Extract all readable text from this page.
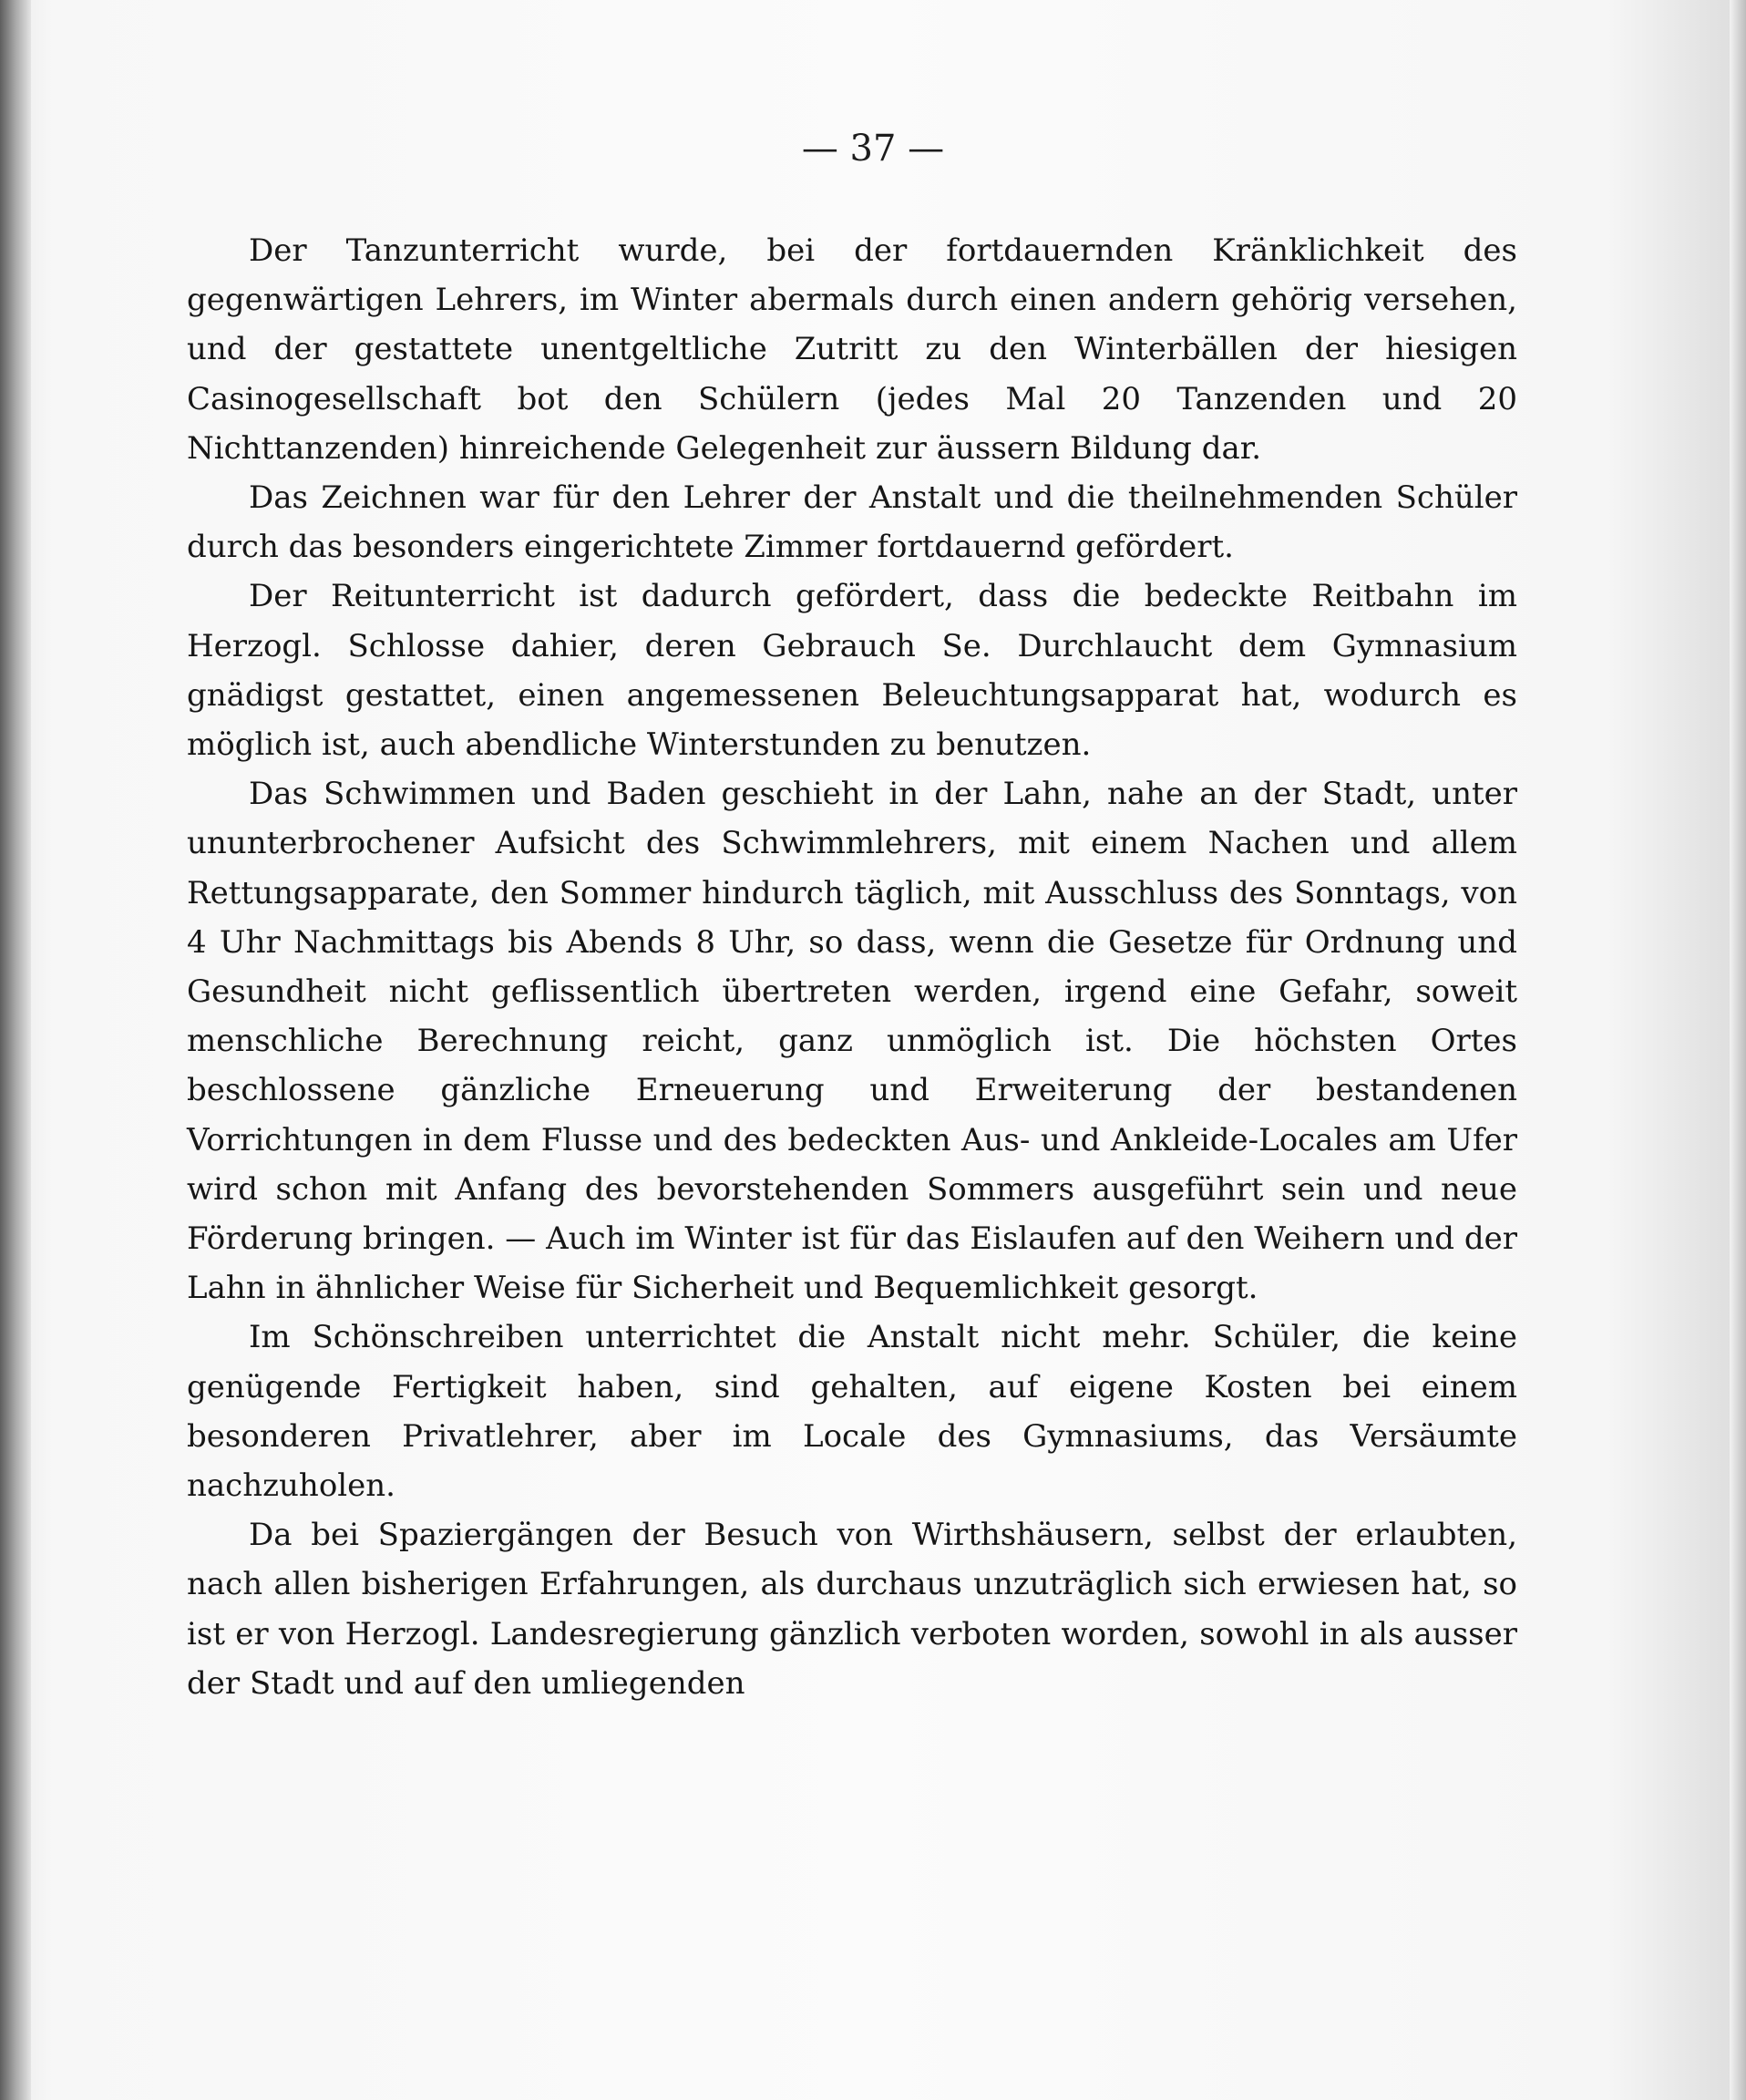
— 37 —

Der Tanzunterricht wurde, bei der fortdauernden Kränklichkeit des gegenwärtigen Lehrers, im Winter abermals durch einen andern gehörig versehen, und der gestattete unentgeltliche Zutritt zu den Winterbällen der hiesigen Casinogesellschaft bot den Schülern (jedes Mal 20 Tanzenden und 20 Nichttanzenden) hinreichende Gelegenheit zur äussern Bildung dar.

Das Zeichnen war für den Lehrer der Anstalt und die theilnehmenden Schüler durch das besonders eingerichtete Zimmer fortdauernd gefördert.

Der Reitunterricht ist dadurch gefördert, dass die bedeckte Reitbahn im Herzogl. Schlosse dahier, deren Gebrauch Se. Durchlaucht dem Gymnasium gnädigst gestattet, einen angemessenen Beleuchtungsapparat hat, wodurch es möglich ist, auch abendliche Winterstunden zu benutzen.

Das Schwimmen und Baden geschieht in der Lahn, nahe an der Stadt, unter ununterbrochener Aufsicht des Schwimmlehrers, mit einem Nachen und allem Rettungsapparate, den Sommer hindurch täglich, mit Ausschluss des Sonntags, von 4 Uhr Nachmittags bis Abends 8 Uhr, so dass, wenn die Gesetze für Ordnung und Gesundheit nicht geflissentlich übertreten werden, irgend eine Gefahr, soweit menschliche Berechnung reicht, ganz unmöglich ist. Die höchsten Ortes beschlossene gänzliche Erneuerung und Erweiterung der bestandenen Vorrichtungen in dem Flusse und des bedeckten Aus- und Ankleide-Locales am Ufer wird schon mit Anfang des bevorstehenden Sommers ausgeführt sein und neue Förderung bringen. — Auch im Winter ist für das Eislaufen auf den Weihern und der Lahn in ähnlicher Weise für Sicherheit und Bequemlichkeit gesorgt.

Im Schönschreiben unterrichtet die Anstalt nicht mehr. Schüler, die keine genügende Fertigkeit haben, sind gehalten, auf eigene Kosten bei einem besonderen Privatlehrer, aber im Locale des Gymnasiums, das Versäumte nachzuholen.

Da bei Spaziergängen der Besuch von Wirthshäusern, selbst der erlaubten, nach allen bisherigen Erfahrungen, als durchaus unzuträglich sich erwiesen hat, so ist er von Herzogl. Landesregierung gänzlich verboten worden, sowohl in als ausser der Stadt und auf den umliegenden
